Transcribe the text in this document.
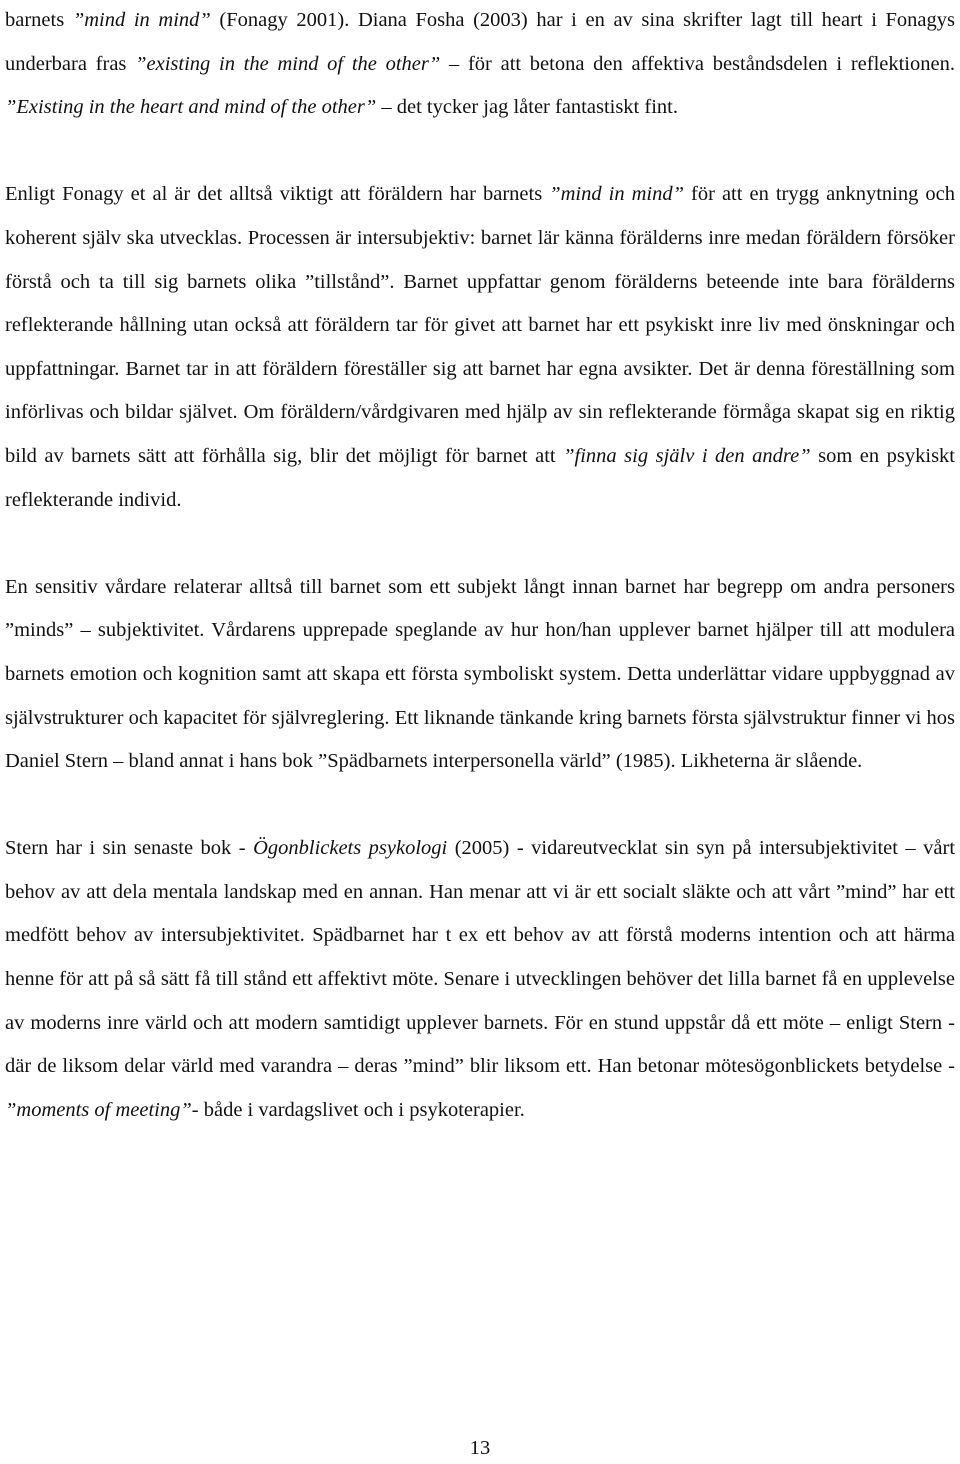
barnets ”mind in mind” (Fonagy 2001). Diana Fosha (2003) har i en av sina skrifter lagt till heart i Fonagys underbara fras ”existing in the mind of the other” – för att betona den affektiva beståndsdelen i reflektionen. ”Existing in the heart and mind of the other” – det tycker jag låter fantastiskt fint.

Enligt Fonagy et al är det alltså viktigt att föräldern har barnets ”mind in mind” för att en trygg anknytning och koherent själv ska utvecklas. Processen är intersubjektiv: barnet lär känna förälderns inre medan föräldern försöker förstå och ta till sig barnets olika ”tillstånd”. Barnet uppfattar genom förälderns beteende inte bara förälderns reflekterande hållning utan också att föräldern tar för givet att barnet har ett psykiskt inre liv med önskningar och uppfattningar. Barnet tar in att föräldern föreställer sig att barnet har egna avsikter. Det är denna föreställning som införlivas och bildar självet. Om föräldern/vårdgivaren med hjälp av sin reflekterande förmåga skapat sig en riktig bild av barnets sätt att förhålla sig, blir det möjligt för barnet att ”finna sig själv i den andre” som en psykiskt reflekterande individ.

En sensitiv vårdare relaterar alltså till barnet som ett subjekt långt innan barnet har begrepp om andra personers ”minds” – subjektivitet. Vårdarens upprepade speglande av hur hon/han upplever barnet hjälper till att modulera barnets emotion och kognition samt att skapa ett första symboliskt system. Detta underlättar vidare uppbyggnad av självstrukturer och kapacitet för självreglering. Ett liknande tänkande kring barnets första självstruktur finner vi hos Daniel Stern – bland annat i hans bok ”Spädbarnets interpersonella värld” (1985). Likheterna är slående.

Stern har i sin senaste bok - Ögonblickets psykologi (2005) - vidareutvecklat sin syn på intersubjektivitet – vårt behov av att dela mentala landskap med en annan. Han menar att vi är ett socialt släkte och att vårt ”mind” har ett medfött behov av intersubjektivitet. Spädbarnet har t ex ett behov av att förstå moderns intention och att härma henne för att på så sätt få till stånd ett affektivt möte. Senare i utvecklingen behöver det lilla barnet få en upplevelse av moderns inre värld och att modern samtidigt upplever barnets. För en stund uppstår då ett möte – enligt Stern - där de liksom delar värld med varandra – deras ”mind” blir liksom ett. Han betonar mötesögonblickets betydelse - ”moments of meeting”- både i vardagslivet och i psykoterapier.

13
